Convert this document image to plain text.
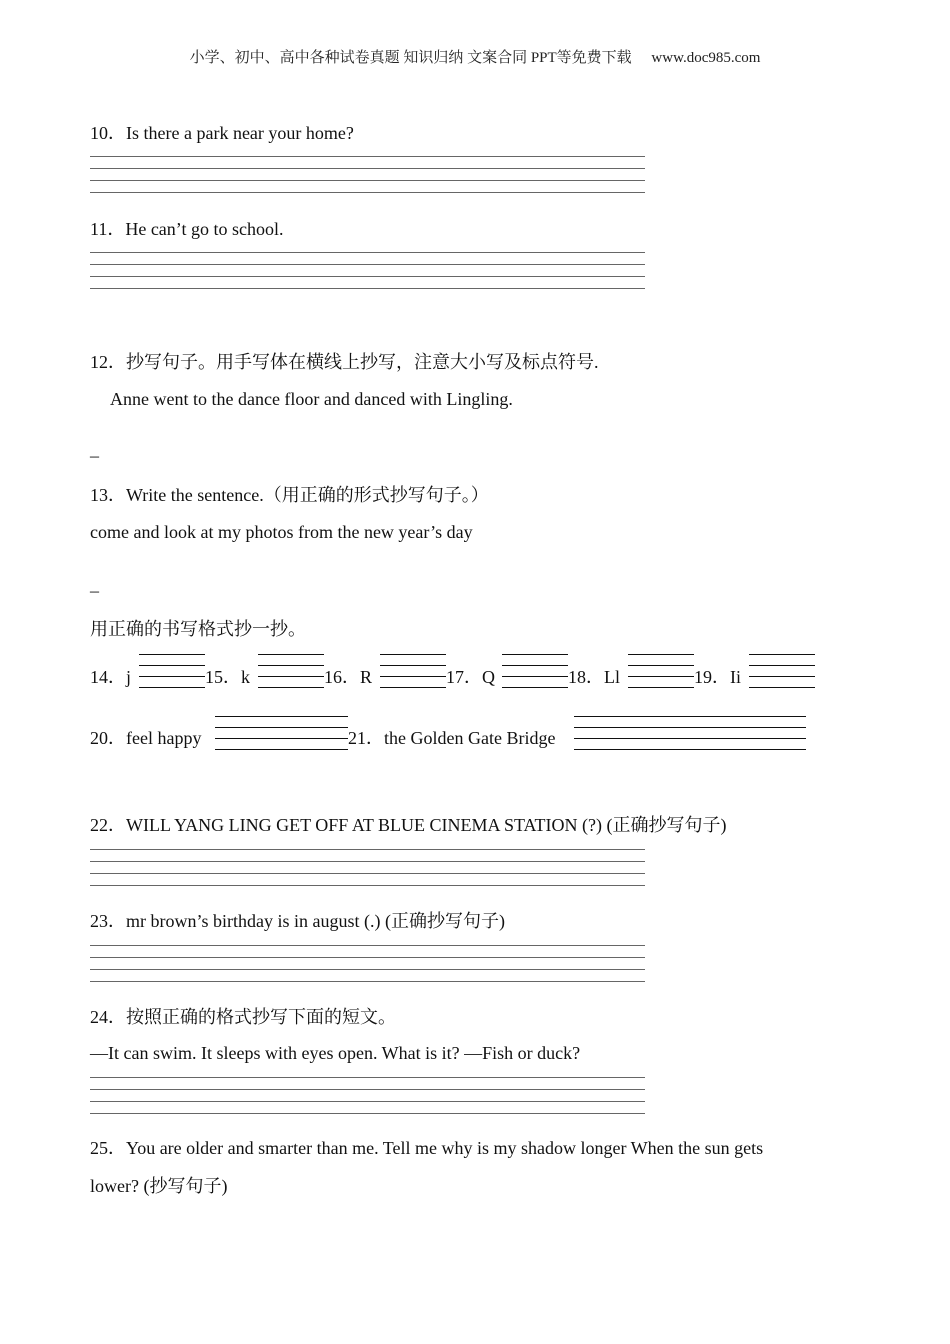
小学、初中、高中各种试卷真题 知识归纳 文案合同 PPT等免费下载 www.doc985.com
10．Is there a park near your home?
11．He can’t go to school.
12．抄写句子。用手写体在横线上抄写，注意大小写及标点符号.
Anne went to the dance floor and danced with Lingling.
_
13．Write the sentence.（用正确的形式抄写句子。）
come and look at my photos from the new year’s day
_
用正确的书写格式抄一抄。
14．j	15．k	16．R	17．Q	18．Ll	19．Ii
20．feel happy	21．the Golden Gate Bridge
22．WILL YANG LING GET OFF AT BLUE CINEMA STATION (?) (正确抄写句子)
23．mr brown’s birthday is in august (.) (正确抄写句子)
24．按照正确的格式抄写下面的短文。
—It can swim. It sleeps with eyes open. What is it? —Fish or duck?
25．You are older and smarter than me. Tell me why is my shadow longer When the sun gets
lower? (抄写句子)
